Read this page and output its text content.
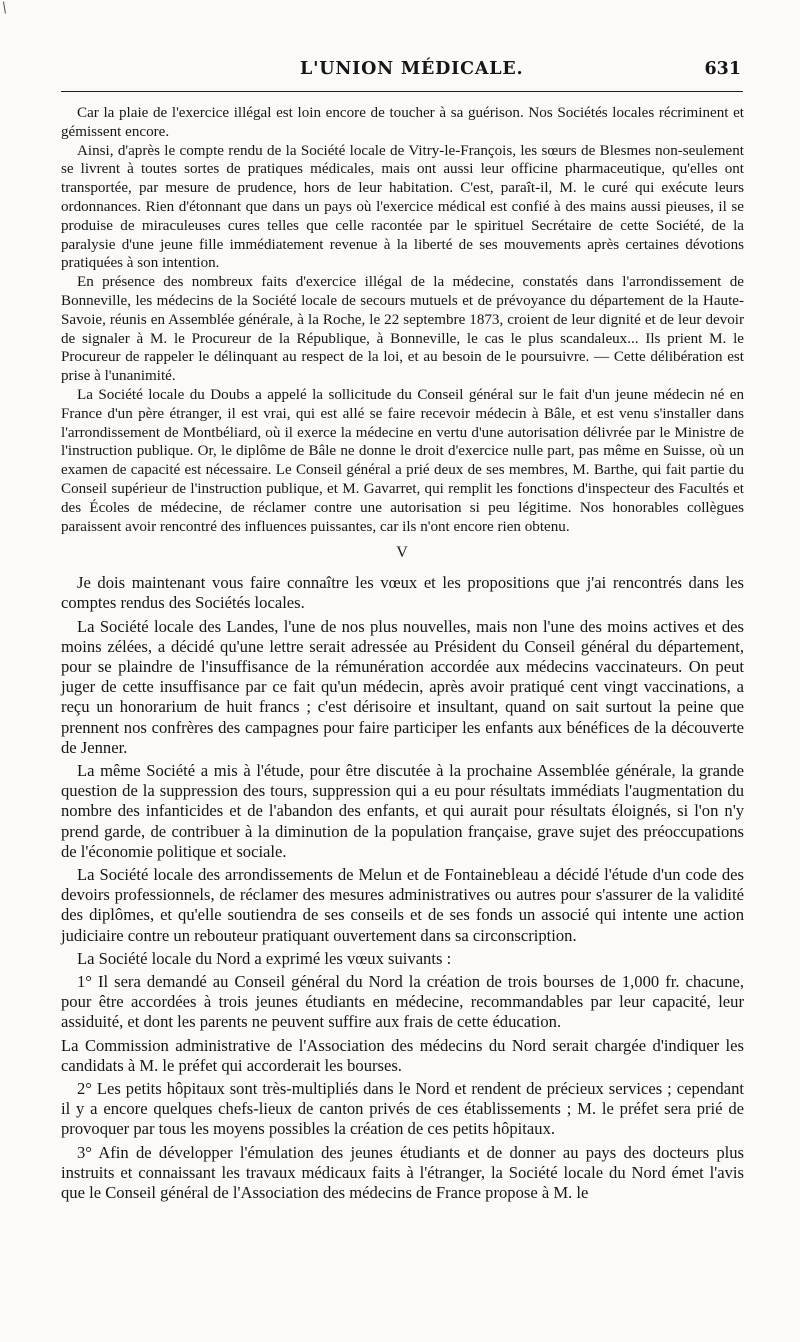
\
L'UNION MÉDICALE.	631

Car la plaie de l'exercice illégal est loin encore de toucher à sa guérison. Nos Sociétés locales récriminent et gémissent encore.

Ainsi, d'après le compte rendu de la Société locale de Vitry-le-François, les sœurs de Blesmes non-seulement se livrent à toutes sortes de pratiques médicales, mais ont aussi leur officine pharmaceutique, qu'elles ont transportée, par mesure de prudence, hors de leur habitation. C'est, paraît-il, M. le curé qui exécute leurs ordonnances. Rien d'étonnant que dans un pays où l'exercice médical est confié à des mains aussi pieuses, il se produise de miraculeuses cures telles que celle racontée par le spirituel Secrétaire de cette Société, de la paralysie d'une jeune fille immédiatement revenue à la liberté de ses mouvements après certaines dévotions pratiquées à son intention.

En présence des nombreux faits d'exercice illégal de la médecine, constatés dans l'arrondissement de Bonneville, les médecins de la Société locale de secours mutuels et de prévoyance du département de la Haute-Savoie, réunis en Assemblée générale, à la Roche, le 22 septembre 1873, croient de leur dignité et de leur devoir de signaler à M. le Procureur de la République, à Bonneville, le cas le plus scandaleux... Ils prient M. le Procureur de rappeler le délinquant au respect de la loi, et au besoin de le poursuivre. — Cette délibération est prise à l'unanimité.

La Société locale du Doubs a appelé la sollicitude du Conseil général sur le fait d'un jeune médecin né en France d'un père étranger, il est vrai, qui est allé se faire recevoir médecin à Bâle, et est venu s'installer dans l'arrondissement de Montbéliard, où il exerce la médecine en vertu d'une autorisation délivrée par le Ministre de l'instruction publique. Or, le diplôme de Bâle ne donne le droit d'exercice nulle part, pas même en Suisse, où un examen de capacité est nécessaire. Le Conseil général a prié deux de ses membres, M. Barthe, qui fait partie du Conseil supérieur de l'instruction publique, et M. Gavarret, qui remplit les fonctions d'inspecteur des Facultés et des Écoles de médecine, de réclamer contre une autorisation si peu légitime. Nos honorables collègues paraissent avoir rencontré des influences puissantes, car ils n'ont encore rien obtenu.

V

Je dois maintenant vous faire connaître les vœux et les propositions que j'ai rencontrés dans les comptes rendus des Sociétés locales.

La Société locale des Landes, l'une de nos plus nouvelles, mais non l'une des moins actives et des moins zélées, a décidé qu'une lettre serait adressée au Président du Conseil général du département, pour se plaindre de l'insuffisance de la rémunération accordée aux médecins vaccinateurs. On peut juger de cette insuffisance par ce fait qu'un médecin, après avoir pratiqué cent vingt vaccinations, a reçu un honorarium de huit francs ; c'est dérisoire et insultant, quand on sait surtout la peine que prennent nos confrères des campagnes pour faire participer les enfants aux bénéfices de la découverte de Jenner.

La même Société a mis à l'étude, pour être discutée à la prochaine Assemblée générale, la grande question de la suppression des tours, suppression qui a eu pour résultats immédiats l'augmentation du nombre des infanticides et de l'abandon des enfants, et qui aurait pour résultats éloignés, si l'on n'y prend garde, de contribuer à la diminution de la population française, grave sujet des préoccupations de l'économie politique et sociale.

La Société locale des arrondissements de Melun et de Fontainebleau a décidé l'étude d'un code des devoirs professionnels, de réclamer des mesures administratives ou autres pour s'assurer de la validité des diplômes, et qu'elle soutiendra de ses conseils et de ses fonds un associé qui intente une action judiciaire contre un rebouteur pratiquant ouvertement dans sa circonscription.

La Société locale du Nord a exprimé les vœux suivants :

1° Il sera demandé au Conseil général du Nord la création de trois bourses de 1,000 fr. chacune, pour être accordées à trois jeunes étudiants en médecine, recommandables par leur capacité, leur assiduité, et dont les parents ne peuvent suffire aux frais de cette éducation.

La Commission administrative de l'Association des médecins du Nord serait chargée d'indiquer les candidats à M. le préfet qui accorderait les bourses.

2° Les petits hôpitaux sont très-multipliés dans le Nord et rendent de précieux services ; cependant il y a encore quelques chefs-lieux de canton privés de ces établissements ; M. le préfet sera prié de provoquer par tous les moyens possibles la création de ces petits hôpitaux.

3° Afin de développer l'émulation des jeunes étudiants et de donner au pays des docteurs plus instruits et connaissant les travaux médicaux faits à l'étranger, la Société locale du Nord émet l'avis que le Conseil général de l'Association des médecins de France propose à M. le
